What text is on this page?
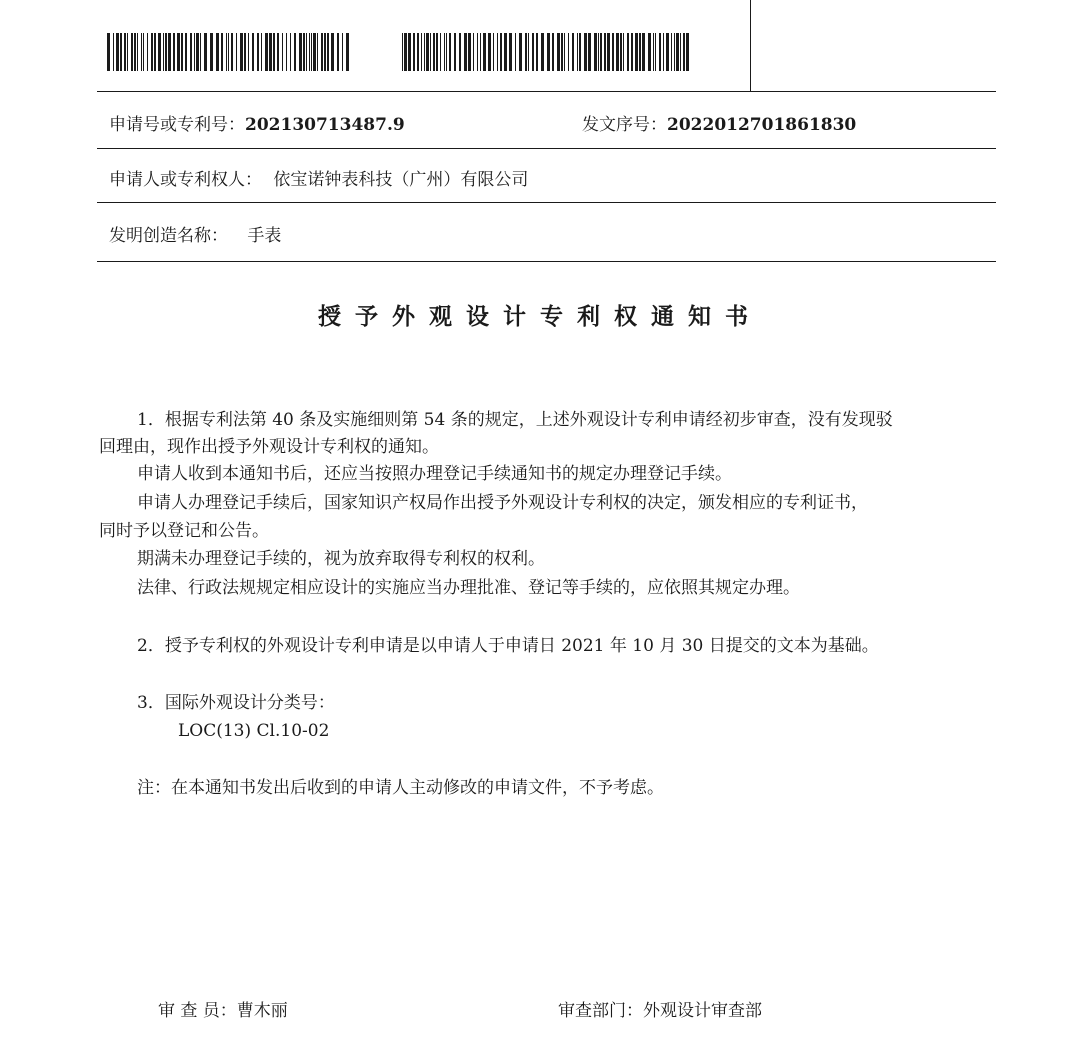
申请号或专利号：202130713487.9	发文序号：2022012701861830
申请人或专利权人： 依宝诺钟表科技（广州）有限公司
发明创造名称： 手表
授予外观设计专利权通知书
1．根据专利法第 40 条及实施细则第 54 条的规定，上述外观设计专利申请经初步审查，没有发现驳
回理由，现作出授予外观设计专利权的通知。
申请人收到本通知书后，还应当按照办理登记手续通知书的规定办理登记手续。
申请人办理登记手续后，国家知识产权局作出授予外观设计专利权的决定，颁发相应的专利证书，
同时予以登记和公告。
期满未办理登记手续的，视为放弃取得专利权的权利。
法律、行政法规规定相应设计的实施应当办理批准、登记等手续的，应依照其规定办理。
2．授予专利权的外观设计专利申请是以申请人于申请日 2021 年 10 月 30 日提交的文本为基础。
3．国际外观设计分类号：
LOC(13) Cl.10-02
注：在本通知书发出后收到的申请人主动修改的申请文件，不予考虑。
审 查 员：曹木丽	审查部门：外观设计审查部
